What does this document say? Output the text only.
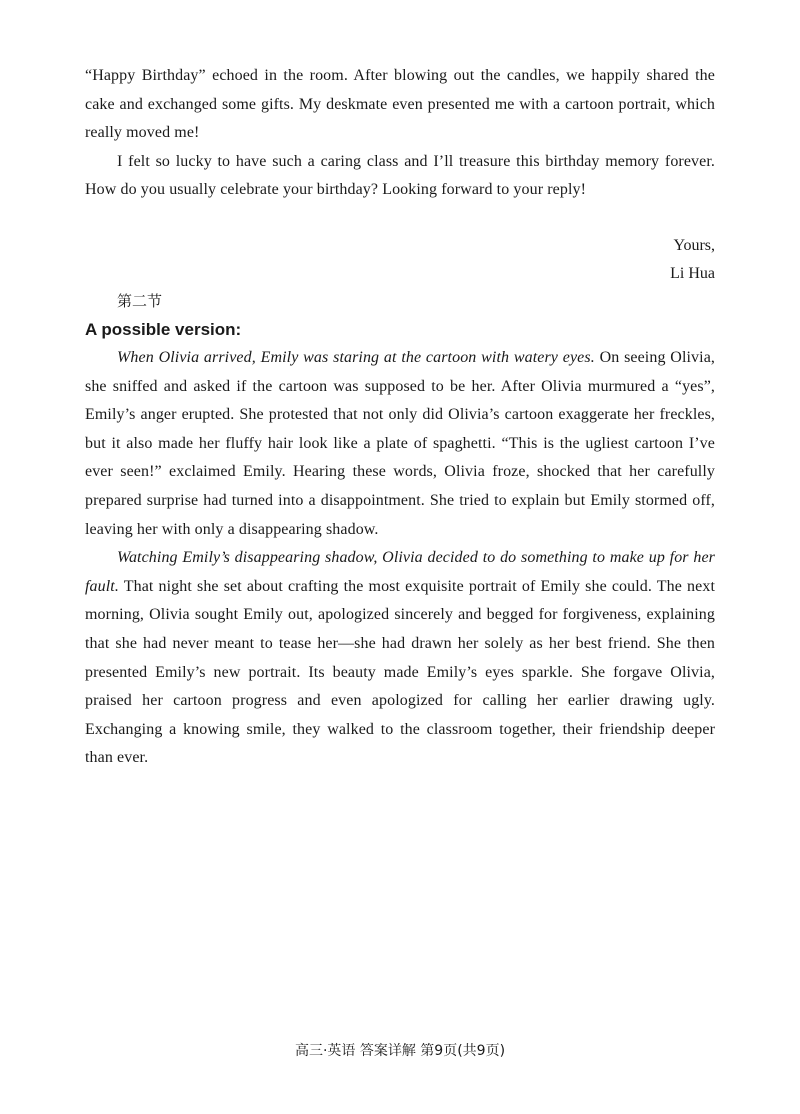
“Happy Birthday” echoed in the room. After blowing out the candles, we happily shared the cake and exchanged some gifts. My deskmate even presented me with a cartoon portrait, which really moved me!

I felt so lucky to have such a caring class and I’ll treasure this birthday memory forever. How do you usually celebrate your birthday? Looking forward to your reply!

Yours,
Li Hua
第二节
A possible version:

When Olivia arrived, Emily was staring at the cartoon with watery eyes. On seeing Olivia, she sniffed and asked if the cartoon was supposed to be her. After Olivia murmured a “yes”, Emily’s anger erupted. She protested that not only did Olivia’s cartoon exaggerate her freckles, but it also made her fluffy hair look like a plate of spaghetti. “This is the ugliest cartoon I’ve ever seen!” exclaimed Emily. Hearing these words, Olivia froze, shocked that her carefully prepared surprise had turned into a disappointment. She tried to explain but Emily stormed off, leaving her with only a disappearing shadow.

Watching Emily’s disappearing shadow, Olivia decided to do something to make up for her fault. That night she set about crafting the most exquisite portrait of Emily she could. The next morning, Olivia sought Emily out, apologized sincerely and begged for forgiveness, explaining that she had never meant to tease her—she had drawn her solely as her best friend. She then presented Emily’s new portrait. Its beauty made Emily’s eyes sparkle. She forgave Olivia, praised her cartoon progress and even apologized for calling her earlier drawing ugly. Exchanging a knowing smile, they walked to the classroom together, their friendship deeper than ever.

高三·英语 答案详解 第9页(共9页)
